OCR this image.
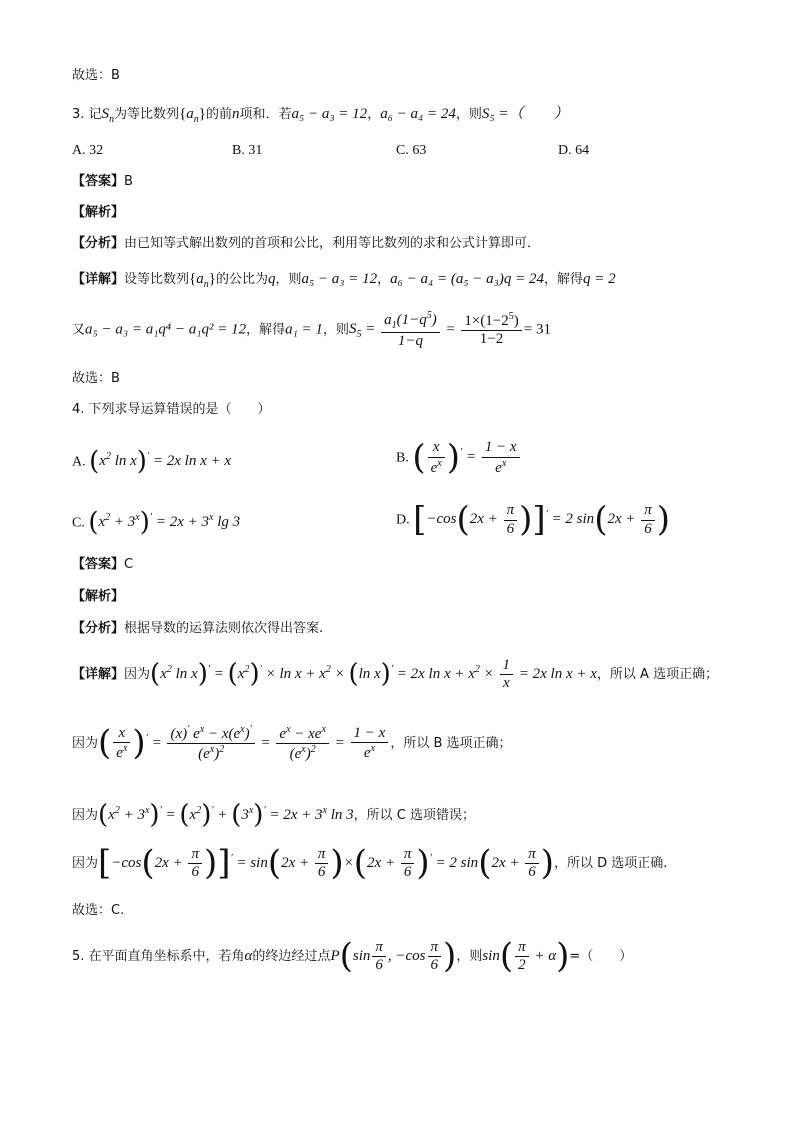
故选：B
3. 记$S_n$为等比数列$\{a_n\}$的前n项和．若a₅ − a₃ = 12，a₆ − a₄ = 24，则S₅ =（　　）
A. 32	B. 31	C. 63	D. 64
【答案】B
【解析】
【分析】由已知等式解出数列的首项和公比，利用等比数列的求和公式计算即可．
【详解】设等比数列$\{a_n\}$的公比为q，则a₅ − a₃ = 12，a₆ − a₄ = (a₅ − a₃)q = 24，解得q = 2
又a₅ − a₃ = a₁q⁴ − a₁q² = 12，解得a₁ = 1，则$S_5 = \frac{a_1(1-q^5)}{1-q} = \frac{1\times(1-2^5)}{1-2} = 31$
故选：B
4. 下列求导运算错误的是（　　）
A. ($x^2$ ln x)′ = 2x ln x + x	B. ( $\frac{x}{e^x} )' = \frac{1 - x}{e^x}$
C. $(x^2 + 3^x)' = 2x + 3^x$ lg 3	D. $[-\cos(2x + \frac{\pi}{6} )]' = 2$ $\sin(2x + \frac{\pi}{6}$ )
【答案】C
【解析】
【分析】根据导数的运算法则依次得出答案.
【详解】因为($x^2$ $\ln x)' = (x^2)' \times \ln x + x^2 \times (\ln$ x)′ = 2x $\ln x + x^2 \times \frac{1}{x} = 2x$ ln x + x，所以 A 选项正确；
因为( $\frac{x}{e^x} )' = \frac{(x)' e^x - x(e^x)'}{(e^x)^2} = \frac{e^x - xe^x}{(e^x)^2} = \frac{1 - x}{e^x}$ ，所以 B 选项正确；
因为$(x^2 + 3^x)' = (x^2)' + (3^x)' = 2x + 3^x$ ln 3，所以 C 选项错误；
因为$[-\cos(2x + \frac{\pi}{6} )]' = \sin(2x + \frac{\pi}{6} )\times(2x + \frac{\pi}{6} )' = 2$ $\sin(2x + \frac{\pi}{6}$ )，所以 D 选项正确.
故选：C.
5. 在平面直角坐标系中，若角α的终边经过点$P(\sin \frac{\pi}{6}$ , $-\cos \frac{\pi}{6}$ )，则$\sin( \frac{\pi}{2} + \alpha)=$（　　）
